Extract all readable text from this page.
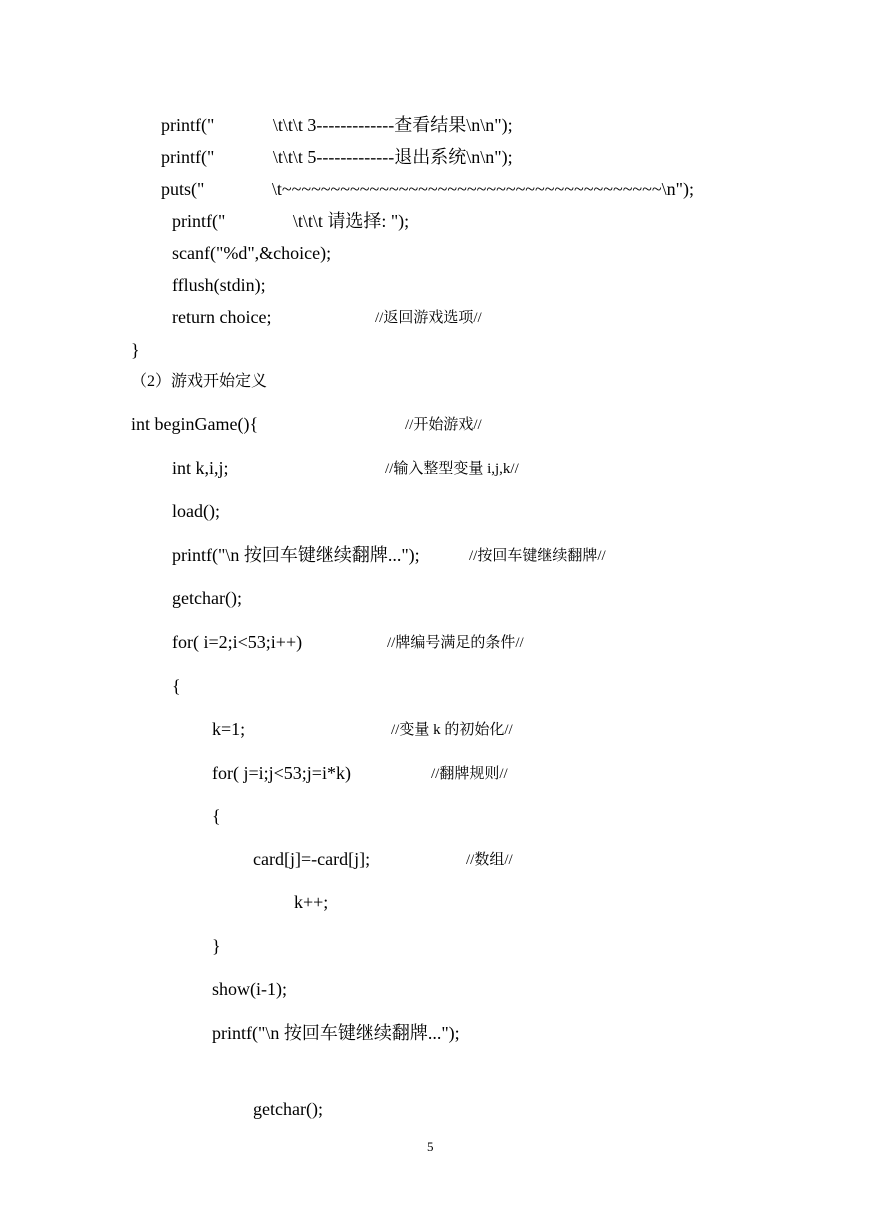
printf("             \t\t\t 3-------------查看结果\n\n");
printf("             \t\t\t 5-------------退出系统\n\n");
puts("               \t~~~~~~~~~~~~~~~~~~~~~~~~~~~~~~~~~~~~~~~\n");
printf("               \t\t\t 请选择: ");
scanf("%d",&choice);
fflush(stdin);
return choice;	//返回游戏选项//
}
（2）游戏开始定义
int beginGame(){	//开始游戏//
int k,i,j;	//输入整型变量 i,j,k//
load();
printf("\n 按回车键继续翻牌...");	//按回车键继续翻牌//
getchar();
for( i=2;i<53;i++)	//牌编号满足的条件//
{
k=1;	//变量 k 的初始化//
for( j=i;j<53;j=i*k)	//翻牌规则//
{
card[j]=-card[j];	//数组//
k++;
}
show(i-1);
printf("\n 按回车键继续翻牌...");
getchar();
5
